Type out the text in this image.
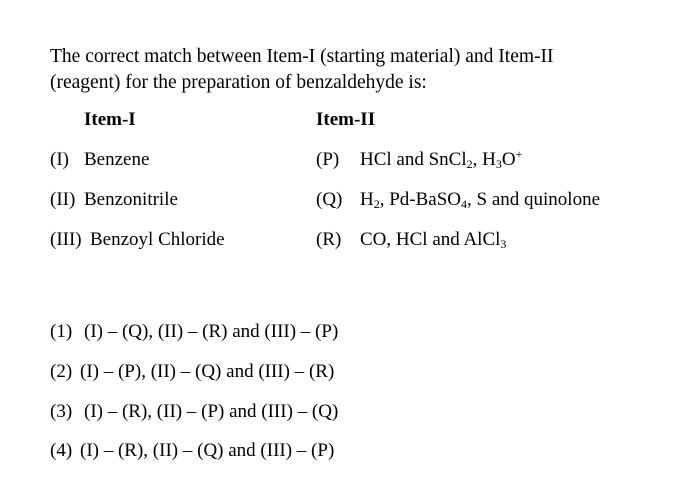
The correct match between Item-I (starting material) and Item-II
(reagent) for the preparation of benzaldehyde is:
Item-I	Item-II
(I) Benzene	(P) HCl and SnCl$_2$, $H_3O^+$
(II) Benzonitrile	(Q) $H_2$, Pd-BaSO$_4$, S and quinolone
(III) Benzoyl Chloride	(R) CO, HCl and AlCl$_3$
(1) (I) – (Q), (II) – (R) and (III) – (P)
(2) (I) – (P), (II) – (Q) and (III) – (R)
(3) (I) – (R), (II) – (P) and (III) – (Q)
(4) (I) – (R), (II) – (Q) and (III) – (P)
